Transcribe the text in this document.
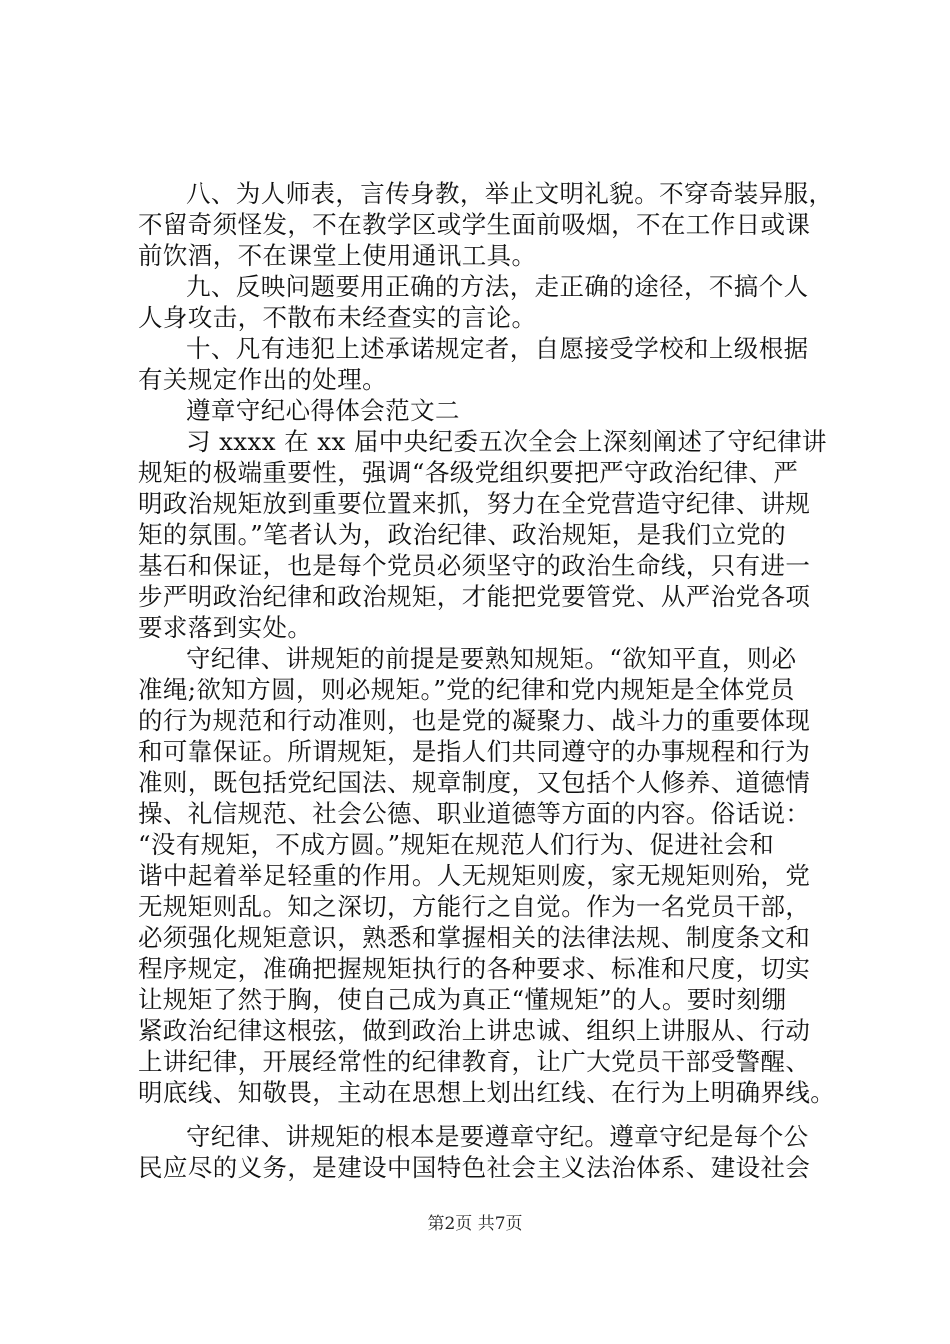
八、为人师表，言传身教，举止文明礼貌。不穿奇装异服，
不留奇须怪发，不在教学区或学生面前吸烟，不在工作日或课
前饮酒，不在课堂上使用通讯工具。
九、反映问题要用正确的方法，走正确的途径，不搞个人
人身攻击，不散布未经查实的言论。
十、凡有违犯上述承诺规定者，自愿接受学校和上级根据
有关规定作出的处理。
遵章守纪心得体会范文二
习 xxxx 在 xx 届中央纪委五次全会上深刻阐述了守纪律讲
规矩的极端重要性，强调“各级党组织要把严守政治纪律、严
明政治规矩放到重要位置来抓，努力在全党营造守纪律、讲规
矩的氛围。”笔者认为，政治纪律、政治规矩，是我们立党的
基石和保证，也是每个党员必须坚守的政治生命线，只有进一
步严明政治纪律和政治规矩，才能把党要管党、从严治党各项
要求落到实处。
守纪律、讲规矩的前提是要熟知规矩。“欲知平直，则必
准绳;欲知方圆，则必规矩。”党的纪律和党内规矩是全体党员
的行为规范和行动准则，也是党的凝聚力、战斗力的重要体现
和可靠保证。所谓规矩，是指人们共同遵守的办事规程和行为
准则，既包括党纪国法、规章制度，又包括个人修养、道德情
操、礼信规范、社会公德、职业道德等方面的内容。俗话说：
“没有规矩，不成方圆。”规矩在规范人们行为、促进社会和
谐中起着举足轻重的作用。人无规矩则废，家无规矩则殆，党
无规矩则乱。知之深切，方能行之自觉。作为一名党员干部，
必须强化规矩意识，熟悉和掌握相关的法律法规、制度条文和
程序规定，准确把握规矩执行的各种要求、标准和尺度，切实
让规矩了然于胸，使自己成为真正“懂规矩”的人。要时刻绷
紧政治纪律这根弦，做到政治上讲忠诚、组织上讲服从、行动
上讲纪律，开展经常性的纪律教育，让广大党员干部受警醒、
明底线、知敬畏，主动在思想上划出红线、在行为上明确界线。
守纪律、讲规矩的根本是要遵章守纪。遵章守纪是每个公
民应尽的义务，是建设中国特色社会主义法治体系、建设社会
第2页 共7页
